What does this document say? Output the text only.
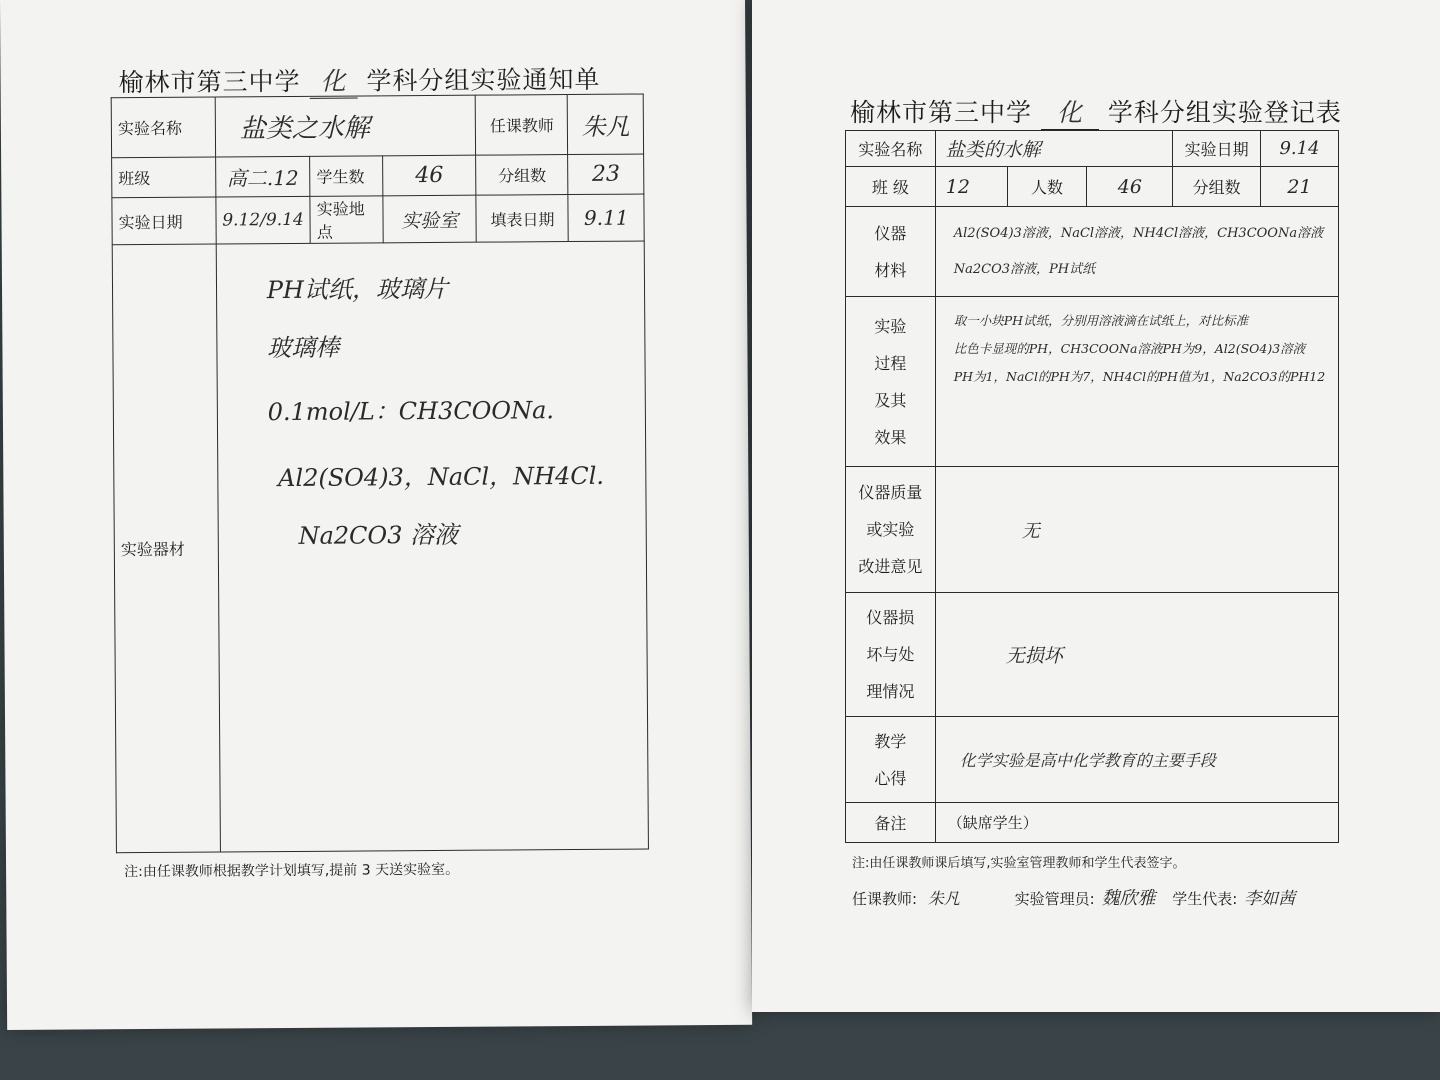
榆林市第三中学 化 学科分组实验通知单
实验名称	盐类之水解			任课教师	朱凡
班级	高二.12	学生数	46	分组数	23
实验日期	9.12/9.14	实验地点	实验室	填表日期	9.11
实验器材	PH试纸，玻璃片
玻璃棒
0.1mol/L：CH3COONa.
Al2(SO4)3，NaCl，NH4Cl.
Na2CO3 溶液				
注:由任课教师根据教学计划填写,提前 3 天送实验室。
榆林市第三中学 化 学科分组实验登记表
实验名称	盐类的水解			实验日期	9.14
班 级	12	人数	46	分组数	21

仪器
材料	Al2(SO4)3溶液，NaCl溶液，NH4Cl溶液，CH3COONa溶液
Na2CO3溶液，PH试纸				

实验
过程
及其
效果	取一小块PH试纸，分别用溶液滴在试纸上，对比标准
比色卡显现的PH，CH3COONa溶液PH为9，Al2(SO4)3溶液
PH为1，NaCl的PH为7，NH4Cl的PH值为1，Na2CO3的PH12				

仪器质量
或实验
改进意见	无				

仪器损
坏与处
理情况	无损坏				

教学
心得	化学实验是高中化学教育的主要手段				
备注	（缺席学生）				
注:由任课教师课后填写,实验室管理教师和学生代表签字。
任课教师: 朱凡	实验管理员: 魏欣雅 学生代表: 李如茜
